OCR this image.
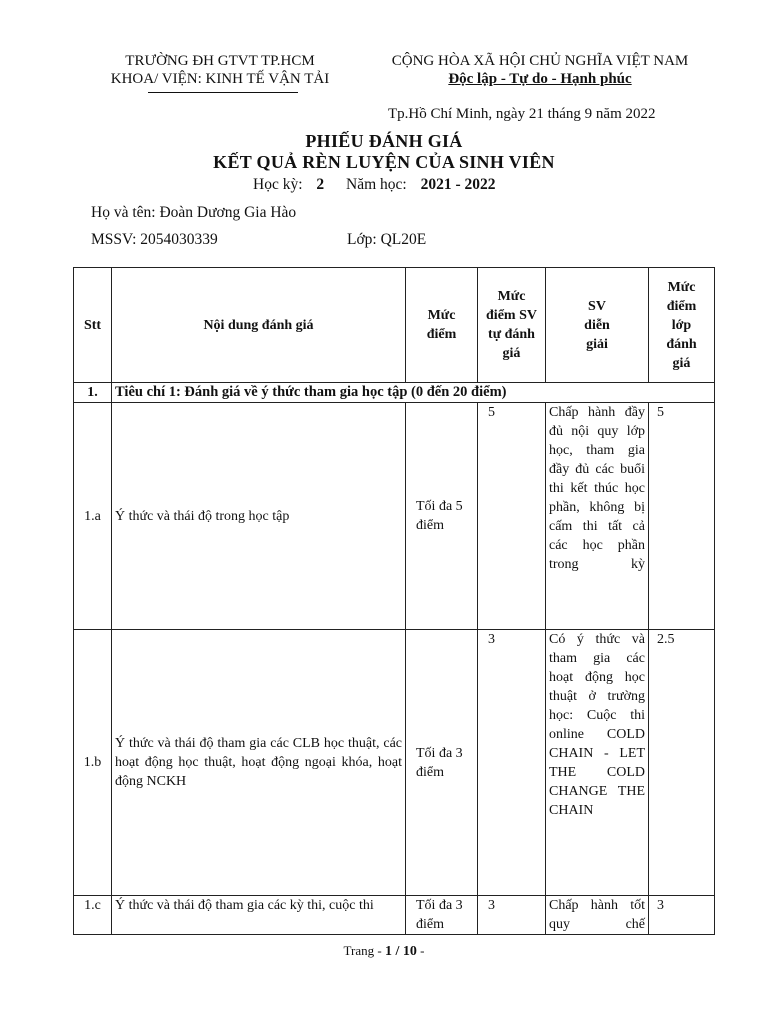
TRƯỜNG ĐH GTVT TP.HCM
KHOA/ VIỆN: KINH TẾ VẬN TẢI
CỘNG HÒA XÃ HỘI CHỦ NGHĨA VIỆT NAM
Độc lập - Tự do - Hạnh phúc
Tp.Hồ Chí Minh, ngày 21 tháng 9 năm 2022
PHIẾU ĐÁNH GIÁ
KẾT QUẢ RÈN LUYỆN CỦA SINH VIÊN
Học kỳ: 2 Năm học: 2021 - 2022
Họ và tên: Đoàn Dương Gia Hào
MSSV: 2054030339	Lớp: QL20E
Stt	Nội dung đánh giá	Mức điểm	Mức điểm SV tự đánh giá	SV diễn giải	Mức điểm lớp đánh giá
1.	Tiêu chí 1: Đánh giá về ý thức tham gia học tập (0 đến 20 điểm)				
1.a	Ý thức và thái độ trong học tập	Tối đa 5 điểm	5	Chấp hành đầy đủ nội quy lớp học, tham gia đầy đủ các buổi thi kết thúc học phần, không bị cấm thi tất cả các học phần trong kỳ	5
1.b	Ý thức và thái độ tham gia các CLB học thuật, các hoạt động học thuật, hoạt động ngoại khóa, hoạt động NCKH	Tối đa 3 điểm	3	Có ý thức và tham gia các hoạt động học thuật ở trường học: Cuộc thi online COLD CHAIN - LET THE COLD CHANGE THE CHAIN	2.5
1.c	Ý thức và thái độ tham gia các kỳ thi, cuộc thi	Tối đa 3 điểm	3	Chấp hành tốt quy chế	3
Trang - 1 / 10 -
